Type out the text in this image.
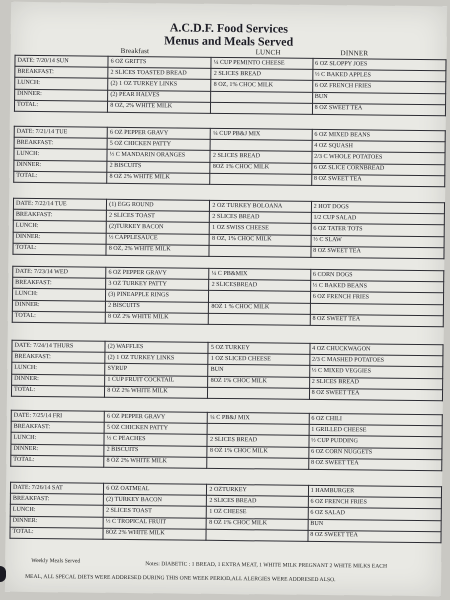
A.C.D.F. Food Services
Menus and Meals Served
Breakfast	LUNCH	DINNER
DATE: 7/20/14 SUN	6 OZ GRITTS	¼ CUP PEMINTO CHEESE	6 OZ SLOPPY JOES
BREAKFAST:	2 SLICES TOASTED BREAD	2 SLICES BREAD	½ C BAKED APPLES
LUNCH:	(2) 1 OZ TURKEY LINKS	8 OZ, 1% CHOC MILK	6 OZ FRENCH FRIES
DINNER:	(2) PEAR HALVES		BUN
TOTAL:	8 OZ, 2% WHITE MILK		8 OZ SWEET TEA
DATE: 7/21/14 TUE	6 OZ PEPPER GRAVY	¼ CUP PB&J MIX	6 OZ MIXED BEANS
BREAKFAST:	5 OZ CHICKEN PATTY		4 OZ SQUASH
LUNCH:	½ C MANDARIN ORANGES	2 SLICES BREAD	2/3 C WHOLE POTATOES
DINNER:	2 BISCUITS	8OZ 1% CHOC MILK	6 OZ SLICE CORNBREAD
TOTAL:	8 OZ 2% WHITE MILK		8 OZ SWEET TEA
DATE: 7/22/14 TUE	(1) EGG ROUND	2 OZ TURKEY BOLOANA	2 HOT DOGS
BREAKFAST:	2 SLICES TOAST	2 SLICES BREAD	1/2 CUP SALAD
LUNCH:	(2)TURKEY BACON	1 OZ SWISS CHEESE	6 OZ TATER TOTS
DINNER:	½ CAPPLESAUCE	8 OZ, 1% CHOC MILK	½ C SLAW
TOTAL:	8 OZ, 2% WHITE MILK		8 OZ SWEET TEA
DATE: 7/23/14 WED	6 OZ PEPPER GRAVY	¼ C PB&MIX	6 CORN DOGS
BREAKFAST:	3 OZ TURKEY PATTY	2 SLICESBREAD	½ C BAKED BEANS
LUNCH:	(3) PINEAPPLE RINGS		6 OZ FRENCH FRIES
DINNER:	2 BISCUITS	8OZ 1 % CHOC MILK	
TOTAL:	8 OZ 2% WHITE MILK		8 OZ SWEET TEA
DATE: 7/24/14 THURS	(2) WAFFLES	5 OZ TURKEY	4 OZ CHUCKWAGON
BREAKFAST:	(2) 1 OZ TURKEY LINKS	1 OZ SLICED CHEESE	2/3 C MASHED POTATOES
LUNCH:	SYRUP	BUN	½ C MIXED VEGGIES
DINNER:	1 CUP FRUIT COCKTAIL	8OZ 1% CHOC MILK	2 SLICES BREAD
TOTAL:	8 OZ 2% WHITE MILK		8 OZ SWEET TEA
DATE: 7/25/14 FRI	6 OZ PEPPER GRAVY	¼ C PB&J MIX	6 OZ CHILI
BREAKFAST:	5 OZ CHICKEN PATTY		1 GRILLED CHEESE
LUNCH:	½ C PEACHES	2 SLICES BREAD	½ CUP PUDDING
DINNER:	2 BISCUITS	8 OZ 1% CHOC MILK	6 OZ CORN NUGGETS
TOTAL:	8 OZ 2% WHITE MILK		8 OZ SWEET TEA
DATE: 7/26/14 SAT	6 OZ OATMEAL	2 OZTURKEY	1 HAMBURGER
BREAKFAST:	(2) TURKEY BACON	2 SLICES BREAD	6 OZ FRENCH FRIES
LUNCH:	2 SLICES TOAST	1 OZ CHEESE	6 OZ SALAD
DINNER:	½ C TROPICAL FRUIT	8 OZ 1% CHOC MILK	BUN
TOTAL:	8OZ 2% WHITE MILK		8 OZ SWEET TEA
Weekly Meals Served	Notes: DIABETIC : 1 BREAD, 1 EXTRA MEAT, 1 WHITE MILK PREGNANT 2 WHITE MILKS EACH
MEAL, ALL SPECAL DIETS WERE ADDRESED DURING THIS ONE WEEK PERIOD,ALL ALERGIES WERE ADDRESED ALSO.
